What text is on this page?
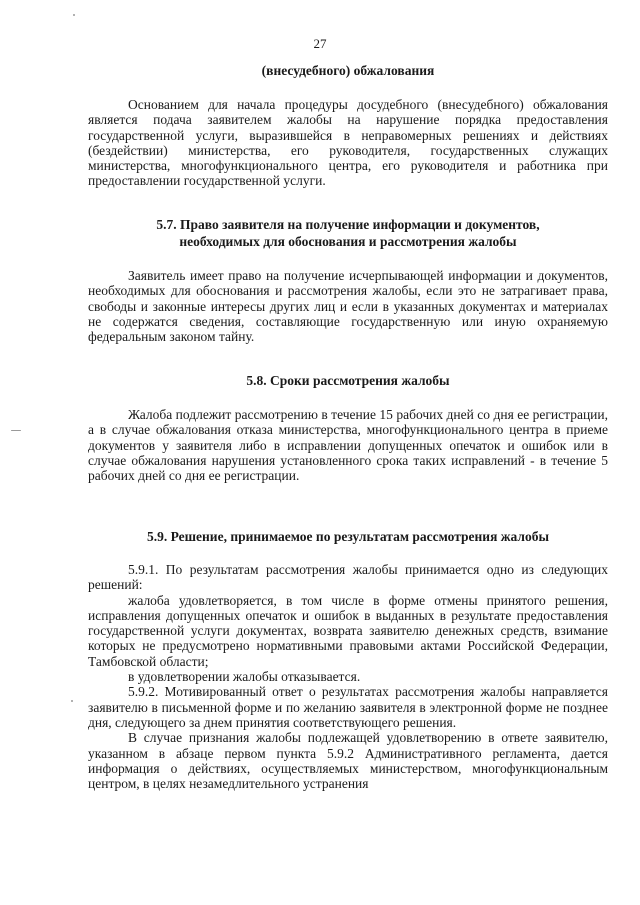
27
(внесудебного) обжалования

Основанием для начала процедуры досудебного (внесудебного) обжалования является подача заявителем жалобы на нарушение порядка предоставления государственной услуги, выразившейся в неправомерных решениях и действиях (бездействии) министерства, его руководителя, государственных служащих министерства, многофункционального центра, его руководителя и работника при предоставлении государственной услуги.

5.7. Право заявителя на получение информации и документов, необходимых для обоснования и рассмотрения жалобы

Заявитель имеет право на получение исчерпывающей информации и документов, необходимых для обоснования и рассмотрения жалобы, если это не затрагивает права, свободы и законные интересы других лиц и если в указанных документах и материалах не содержатся сведения, составляющие государственную или иную охраняемую федеральным законом тайну.

5.8. Сроки рассмотрения жалобы

Жалоба подлежит рассмотрению в течение 15 рабочих дней со дня ее регистрации, а в случае обжалования отказа министерства, многофункционального центра в приеме документов у заявителя либо в исправлении допущенных опечаток и ошибок или в случае обжалования нарушения установленного срока таких исправлений - в течение 5 рабочих дней со дня ее регистрации.

5.9. Решение, принимаемое по результатам рассмотрения жалобы

5.9.1. По результатам рассмотрения жалобы принимается одно из следующих решений:

жалоба удовлетворяется, в том числе в форме отмены принятого решения, исправления допущенных опечаток и ошибок в выданных в результате предоставления государственной услуги документах, возврата заявителю денежных средств, взимание которых не предусмотрено нормативными правовыми актами Российской Федерации, Тамбовской области;

в удовлетворении жалобы отказывается.

5.9.2. Мотивированный ответ о результатах рассмотрения жалобы направляется заявителю в письменной форме и по желанию заявителя в электронной форме не позднее дня, следующего за днем принятия соответствующего решения.

В случае признания жалобы подлежащей удовлетворению в ответе заявителю, указанном в абзаце первом пункта 5.9.2 Административного регламента, дается информация о действиях, осуществляемых министерством, многофункциональным центром, в целях незамедлительного устранения
